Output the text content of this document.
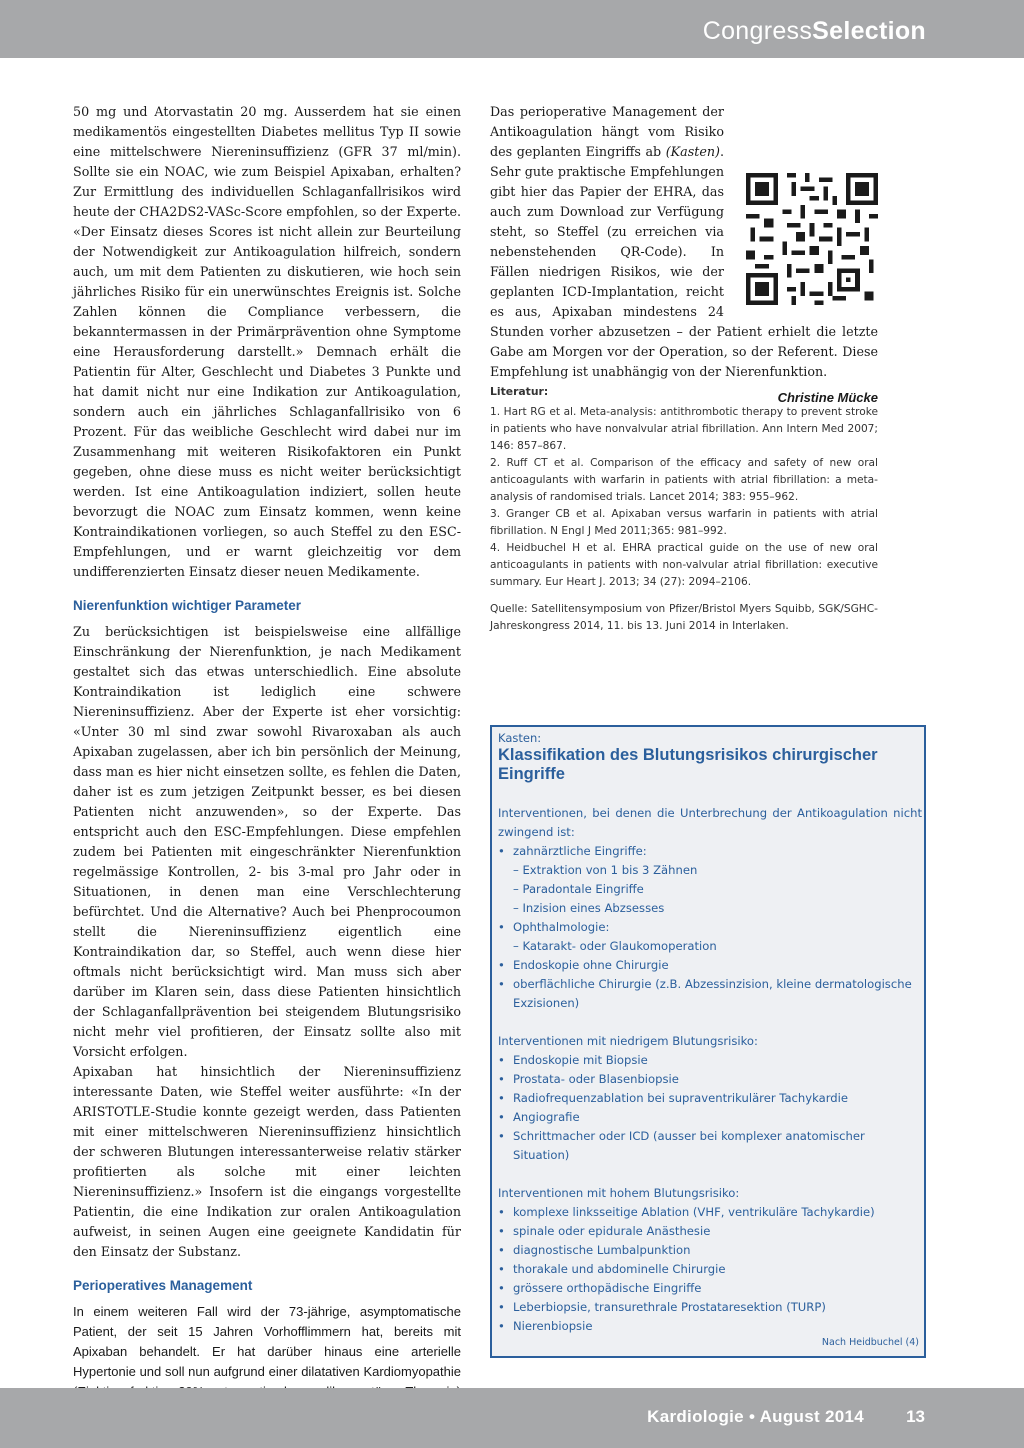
CongressSelection

50 mg und Atorvastatin 20 mg. Ausserdem hat sie einen medikamentös eingestellten Diabetes mellitus Typ II sowie eine mittelschwere Niereninsuffizienz (GFR 37 ml/min). Sollte sie ein NOAC, wie zum Beispiel Apixaban, erhalten? Zur Ermittlung des individuellen Schlaganfallrisikos wird heute der CHA2DS2-VASc-Score empfohlen, so der Experte. «Der Einsatz dieses Scores ist nicht allein zur Beurteilung der Notwendigkeit zur Antikoagulation hilfreich, sondern auch, um mit dem Patienten zu diskutieren, wie hoch sein jährliches Risiko für ein unerwünschtes Ereignis ist. Solche Zahlen können die Compliance verbessern, die bekanntermassen in der Primärprävention ohne Symptome eine Herausforderung darstellt.» Demnach erhält die Patientin für Alter, Geschlecht und Diabetes 3 Punkte und hat damit nicht nur eine Indikation zur Antikoagulation, sondern auch ein jährliches Schlaganfallrisiko von 6 Prozent. Für das weibliche Geschlecht wird dabei nur im Zusammenhang mit weiteren Risikofaktoren ein Punkt gegeben, ohne diese muss es nicht weiter berücksichtigt werden. Ist eine Antikoagulation indiziert, sollen heute bevorzugt die NOAC zum Einsatz kommen, wenn keine Kontraindikationen vorliegen, so auch Steffel zu den ESC-Empfehlungen, und er warnt gleichzeitig vor dem undifferenzierten Einsatz dieser neuen Medikamente.

Nierenfunktion wichtiger Parameter

Zu berücksichtigen ist beispielsweise eine allfällige Einschränkung der Nierenfunktion, je nach Medikament gestaltet sich das etwas unterschiedlich. Eine absolute Kontraindikation ist lediglich eine schwere Niereninsuffizienz. Aber der Experte ist eher vorsichtig: «Unter 30 ml sind zwar sowohl Rivaroxaban als auch Apixaban zugelassen, aber ich bin persönlich der Meinung, dass man es hier nicht einsetzen sollte, es fehlen die Daten, daher ist es zum jetzigen Zeitpunkt besser, es bei diesen Patienten nicht anzuwenden», so der Experte. Das entspricht auch den ESC-Empfehlungen. Diese empfehlen zudem bei Patienten mit eingeschränkter Nierenfunktion regelmässige Kontrollen, 2- bis 3-mal pro Jahr oder in Situationen, in denen man eine Verschlechterung befürchtet. Und die Alternative? Auch bei Phenprocoumon stellt die Niereninsuffizienz eigentlich eine Kontraindikation dar, so Steffel, auch wenn diese hier oftmals nicht berücksichtigt wird. Man muss sich aber darüber im Klaren sein, dass diese Patienten hinsichtlich der Schlaganfallprävention bei steigendem Blutungsrisiko nicht mehr viel profitieren, der Einsatz sollte also mit Vorsicht erfolgen.

Apixaban hat hinsichtlich der Niereninsuffizienz interessante Daten, wie Steffel weiter ausführte: «In der ARISTOTLE-Studie konnte gezeigt werden, dass Patienten mit einer mittelschweren Niereninsuffizienz hinsichtlich der schweren Blutungen interessanterweise relativ stärker profitierten als solche mit einer leichten Niereninsuffizienz.» Insofern ist die eingangs vorgestellte Patientin, die eine Indikation zur oralen Antikoagulation aufweist, in seinen Augen eine geeignete Kandidatin für den Einsatz der Substanz.

Perioperatives Management

In einem weiteren Fall wird der 73-jährige, asymptomatische Patient, der seit 15 Jahren Vorhofflimmern hat, bereits mit Apixaban behandelt. Er hat darüber hinaus eine arterielle Hypertonie und soll nun aufgrund einer dilatativen Kardiomyopathie

Das perioperative Management der Antikoagulation hängt vom Risiko des geplanten Eingriffs ab (Kasten). Sehr gute praktische Empfehlungen gibt hier das Papier der EHRA, das auch zum Download zur Verfügung steht, so Steffel (zu erreichen via nebenstehenden QR-Code). In Fällen niedrigen Risikos, wie der geplanten ICD-Implantation, reicht es aus, Apixaban mindestens 24 Stunden vorher abzusetzen – der Patient erhielt die letzte Gabe am Morgen vor der Operation, so der Referent. Diese Empfehlung ist unabhängig von der Nierenfunktion.

Christine Mücke
Literatur:

1. Hart RG et al. Meta-analysis: antithrombotic therapy to prevent stroke in patients who have nonvalvular atrial fibrillation. Ann Intern Med 2007; 146: 857–867.

2. Ruff CT et al. Comparison of the efficacy and safety of new oral anticoagulants with warfarin in patients with atrial fibrillation: a meta-analysis of randomised trials. Lancet 2014; 383: 955–962.

3. Granger CB et al. Apixaban versus warfarin in patients with atrial fibrillation. N Engl J Med 2011;365: 981–992.

4. Heidbuchel H et al. EHRA practical guide on the use of new oral anticoagulants in patients with non-valvular atrial fibrillation: executive summary. Eur Heart J. 2013; 34 (27): 2094–2106.

Quelle: Satellitensymposium von Pfizer/Bristol Myers Squibb, SGK/SGHC-Jahreskongress 2014, 11. bis 13. Juni 2014 in Interlaken.

Kasten:
Klassifikation des Blutungsrisikos chirurgischer Eingriffe
Interventionen, bei denen die Unterbrechung der Antikoagulation nicht zwingend ist:
• zahnärztliche Eingriffe:
– Extraktion von 1 bis 3 Zähnen
– Paradontale Eingriffe
– Inzision eines Abzsesses
• Ophthalmologie:
– Katarakt- oder Glaukomoperation
• Endoskopie ohne Chirurgie
• oberflächliche Chirurgie (z.B. Abzessinzision, kleine dermatologische Exzisionen)
Interventionen mit niedrigem Blutungsrisiko:
• Endoskopie mit Biopsie
• Prostata- oder Blasenbiopsie
• Radiofrequenzablation bei supraventrikulärer Tachykardie
• Angiografie
• Schrittmacher oder ICD (ausser bei komplexer anatomischer Situation)
Interventionen mit hohem Blutungsrisiko:
• komplexe linksseitige Ablation (VHF, ventrikuläre Tachykardie)
• spinale oder epidurale Anästhesie
• diagnostische Lumbalpunktion
• thorakale und abdominelle Chirurgie
• grössere orthopädische Eingriffe
• Leberbiopsie, transurethrale Prostataresektion (TURP)
• Nierenbiopsie
Nach Heidbuchel (4)
Kardiologie • August 2014 13
